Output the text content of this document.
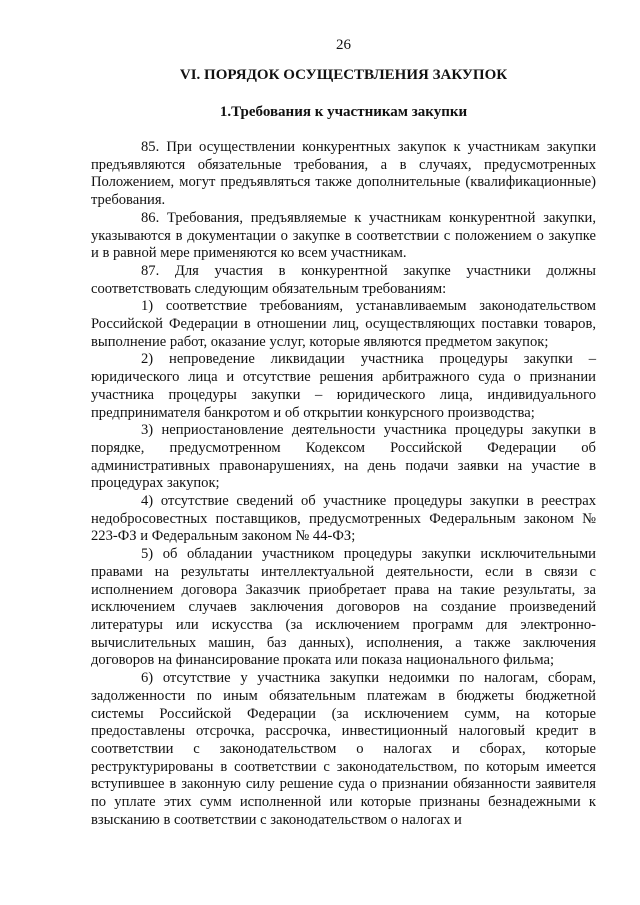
26
VI. ПОРЯДОК ОСУЩЕСТВЛЕНИЯ ЗАКУПОК
1.Требования к участникам закупки

85. При осуществлении конкурентных закупок к участникам закупки предъявляются обязательные требования, а в случаях, предусмотренных Положением, могут предъявляться также дополнительные (квалификационные) требования.

86. Требования, предъявляемые к участникам конкурентной закупки, указываются в документации о закупке в соответствии с положением о закупке и в равной мере применяются ко всем участникам.

87. Для участия в конкурентной закупке участники должны соответствовать следующим обязательным требованиям:

1) соответствие требованиям, устанавливаемым законодательством Российской Федерации в отношении лиц, осуществляющих поставки товаров, выполнение работ, оказание услуг, которые являются предметом закупок;

2) непроведение ликвидации участника процедуры закупки – юридического лица и отсутствие решения арбитражного суда о признании участника процедуры закупки – юридического лица, индивидуального предпринимателя банкротом и об открытии конкурсного производства;

3) неприостановление деятельности участника процедуры закупки в порядке, предусмотренном Кодексом Российской Федерации об административных правонарушениях, на день подачи заявки на участие в процедурах закупок;

4) отсутствие сведений об участнике процедуры закупки в реестрах недобросовестных поставщиков, предусмотренных Федеральным законом № 223-ФЗ и Федеральным законом № 44-ФЗ;

5) об обладании участником процедуры закупки исключительными правами на результаты интеллектуальной деятельности, если в связи с исполнением договора Заказчик приобретает права на такие результаты, за исключением случаев заключения договоров на создание произведений литературы или искусства (за исключением программ для электронно-вычислительных машин, баз данных), исполнения, а также заключения договоров на финансирование проката или показа национального фильма;

6) отсутствие у участника закупки недоимки по налогам, сборам, задолженности по иным обязательным платежам в бюджеты бюджетной системы Российской Федерации (за исключением сумм, на которые предоставлены отсрочка, рассрочка, инвестиционный налоговый кредит в соответствии с законодательством о налогах и сборах, которые реструктурированы в соответствии с законодательством, по которым имеется вступившее в законную силу решение суда о признании обязанности заявителя по уплате этих сумм исполненной или которые признаны безнадежными к взысканию в соответствии с законодательством о налогах и
